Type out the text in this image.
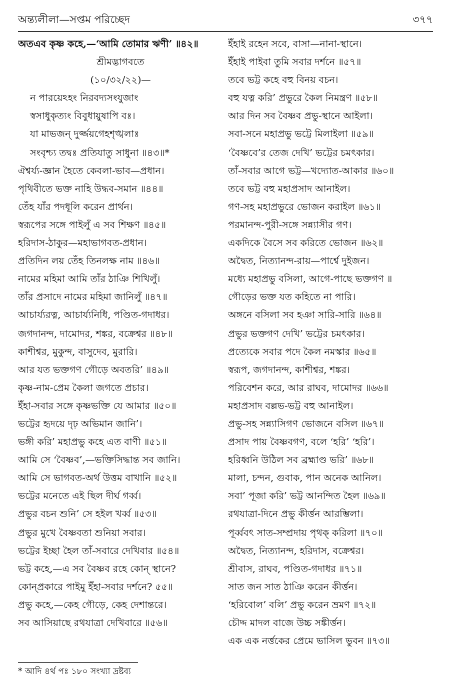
অন্ত্যলীলা—সপ্তম পরিচ্ছেদ	৩৭৭
অতএব কৃষ্ণ কহে,—‘আমি তোমার ঋণী’ ॥৪২॥
শ্রীমদ্ভাগবতে
(১০/৩২/২২)—
ন পারয়েঽহং নিরবদ্যসংযুজাং
স্বসাধুকৃত্যং বিবুধায়ুষাপি বঃ।
যা মাভজন্ দুর্জ্জয়গেহশৃঙ্খলাঃ
সংবৃশ্চ্য তদ্বঃ প্রতিযাতু সাধুনা ॥৪৩॥*
ঐশ্বর্য্য-জ্ঞান হৈতে কেবলা-ভাব—প্রধান।
পৃথিবীতে ভক্ত নাহি উদ্ধব-সমান ॥৪৪॥
তেঁহ যাঁর পদধূলি করেন প্রার্থন।
স্বরূপের সঙ্গে পাইলুঁ এ সব শিক্ষণ ॥৪৫॥
হরিদাস-ঠাকুর—মহাভাগবত-প্রধান।
প্রতিদিন লয় তেঁহ তিনলক্ষ নাম ॥৪৬॥
নামের মহিমা আমি তাঁর ঠাঞি শিখিলুঁ।
তাঁর প্রসাদে নামের মহিমা জানিলুঁ ॥৪৭॥
আচার্য্যরত্ন, আচার্য্যনিধি, পণ্ডিত-গদাধর।
জগদানন্দ, দামোদর, শঙ্কর, বক্রেশ্বর ॥৪৮॥
কাশীশ্বর, মুকুন্দ, বাসুদেব, মুরারি।
আর যত ভক্তগণ গৌড়ে অবতরি’ ॥৪৯॥
কৃষ্ণ-নাম-প্রেম কৈলা জগতে প্রচার।
ইঁহা-সবার সঙ্গে কৃষ্ণভক্তি যে আমার ॥৫০॥
ভট্টের হৃদয়ে দৃঢ় অভিমান জানি’।
ভঙ্গী করি’ মহাপ্রভু কহে এত বাণী ॥৫১॥
আমি সে ‘বৈষ্ণব’,—ভক্তিসিদ্ধান্ত সব জানি।
আমি সে ভাগবত-অর্থ উত্তম বাখানি ॥৫২॥
ভট্টের মনেতে এই ছিল দীর্ঘ গর্ব্ব।
প্রভুর বচন শুনি’ সে হইল খর্ব্ব ॥৫৩॥
প্রভুর মুখে বৈষ্ণবতা শুনিয়া সবার।
ভট্টের ইচ্ছা হৈল তাঁ-সবারে দেখিবার ॥৫৪॥
ভট্ট কহে,—এ সব বৈষ্ণব রহে কোন্ স্থানে?
কোন্‌প্রকারে পাইমু ইঁহা-সবার দর্শনে? ৫৫॥
প্রভু কহে,—কেহ গৌড়ে, কেহ দেশান্তরে।
সব আসিয়াছে রথযাত্রা দেখিবারে ॥৫৬॥
ইঁহাই রহেন সবে, বাসা—নানা-স্থানে।
ইঁহাই পাইবা তুমি সবার দর্শনে ॥৫৭॥
তবে ভট্ট কহে বহু বিনয় বচন।
বহু যত্ন করি’ প্রভুরে কৈল নিমন্ত্রণ ॥৫৮॥
আর দিন সব বৈষ্ণব প্রভু-স্থানে আইলা।
সবা-সনে মহাপ্রভু ভট্টে মিলাইলা ॥৫৯॥
‘বৈষ্ণবে’র তেজ দেখি’ ভট্টের চমৎকার।
তাঁ-সবার আগে ভট্ট—খদ্যোত-আকার ॥৬০॥
তবে ভট্ট বহু মহাপ্রসাদ আনাইল।
গণ-সহ মহাপ্রভুরে ভোজন করাইল ॥৬১॥
পরমানন্দ-পুরী-সঙ্গে সন্ন্যাসীর গণ।
একদিকে বৈসে সব করিতে ভোজন ॥৬২॥
অদ্বৈত, নিত্যানন্দ-রায়—পার্শ্বে দুইজন।
মধ্যে মহাপ্রভু বসিলা, আগে-পাছে ভক্তগণ ॥
গৌড়ের ভক্ত যত কহিতে না পারি।
অঙ্গনে বসিলা সব হঞা সারি-সারি ॥৬৪॥
প্রভুর ভক্তগণ দেখি’ ভট্টের চমৎকার।
প্রত্যেকে সবার পদে কৈল নমস্কার ॥৬৫॥
স্বরূপ, জগদানন্দ, কাশীশ্বর, শঙ্কর।
পরিবেশন করে, আর রাঘব, দামোদর ॥৬৬॥
মহাপ্রসাদ বল্লভ-ভট্ট বহু আনাইল।
প্রভু-সহ সন্ন্যাসিগণ ভোজনে বসিল ॥৬৭॥
প্রসাদ পায় বৈষ্ণবগণ, বলে ‘হরি’ ‘হরি’।
হরিধ্বনি উঠিল সব ব্রহ্মাণ্ড ভরি’ ॥৬৮॥
মালা, চন্দন, গুবাক, পান অনেক আনিল।
সবা’ পূজা করি’ ভট্ট আনন্দিত হৈল ॥৬৯॥
রথযাত্রা-দিনে প্রভু কীর্ত্তন আরম্ভিলা।
পূর্ব্ববৎ সাত-সম্প্রদায় পৃথক্ করিলা ॥৭০॥
অদ্বৈত, নিত্যানন্দ, হরিদাস, বক্রেশ্বর।
শ্রীবাস, রাঘব, পণ্ডিত-গদাধর ॥৭১॥
সাত জন সাত ঠাঞি করেন কীর্ত্তন।
‘হরিবোল’ বলি’ প্রভু করেন ভ্রমণ ॥৭২॥
চৌদ্দ মাদল বাজে উচ্চ সঙ্কীর্ত্তন।
এক এক নর্ত্তকের প্রেমে ভাসিল ভুবন ॥৭৩॥
* আদি ৪র্থ পঃ ১৮০ সংখ্যা দ্রষ্টব্য
